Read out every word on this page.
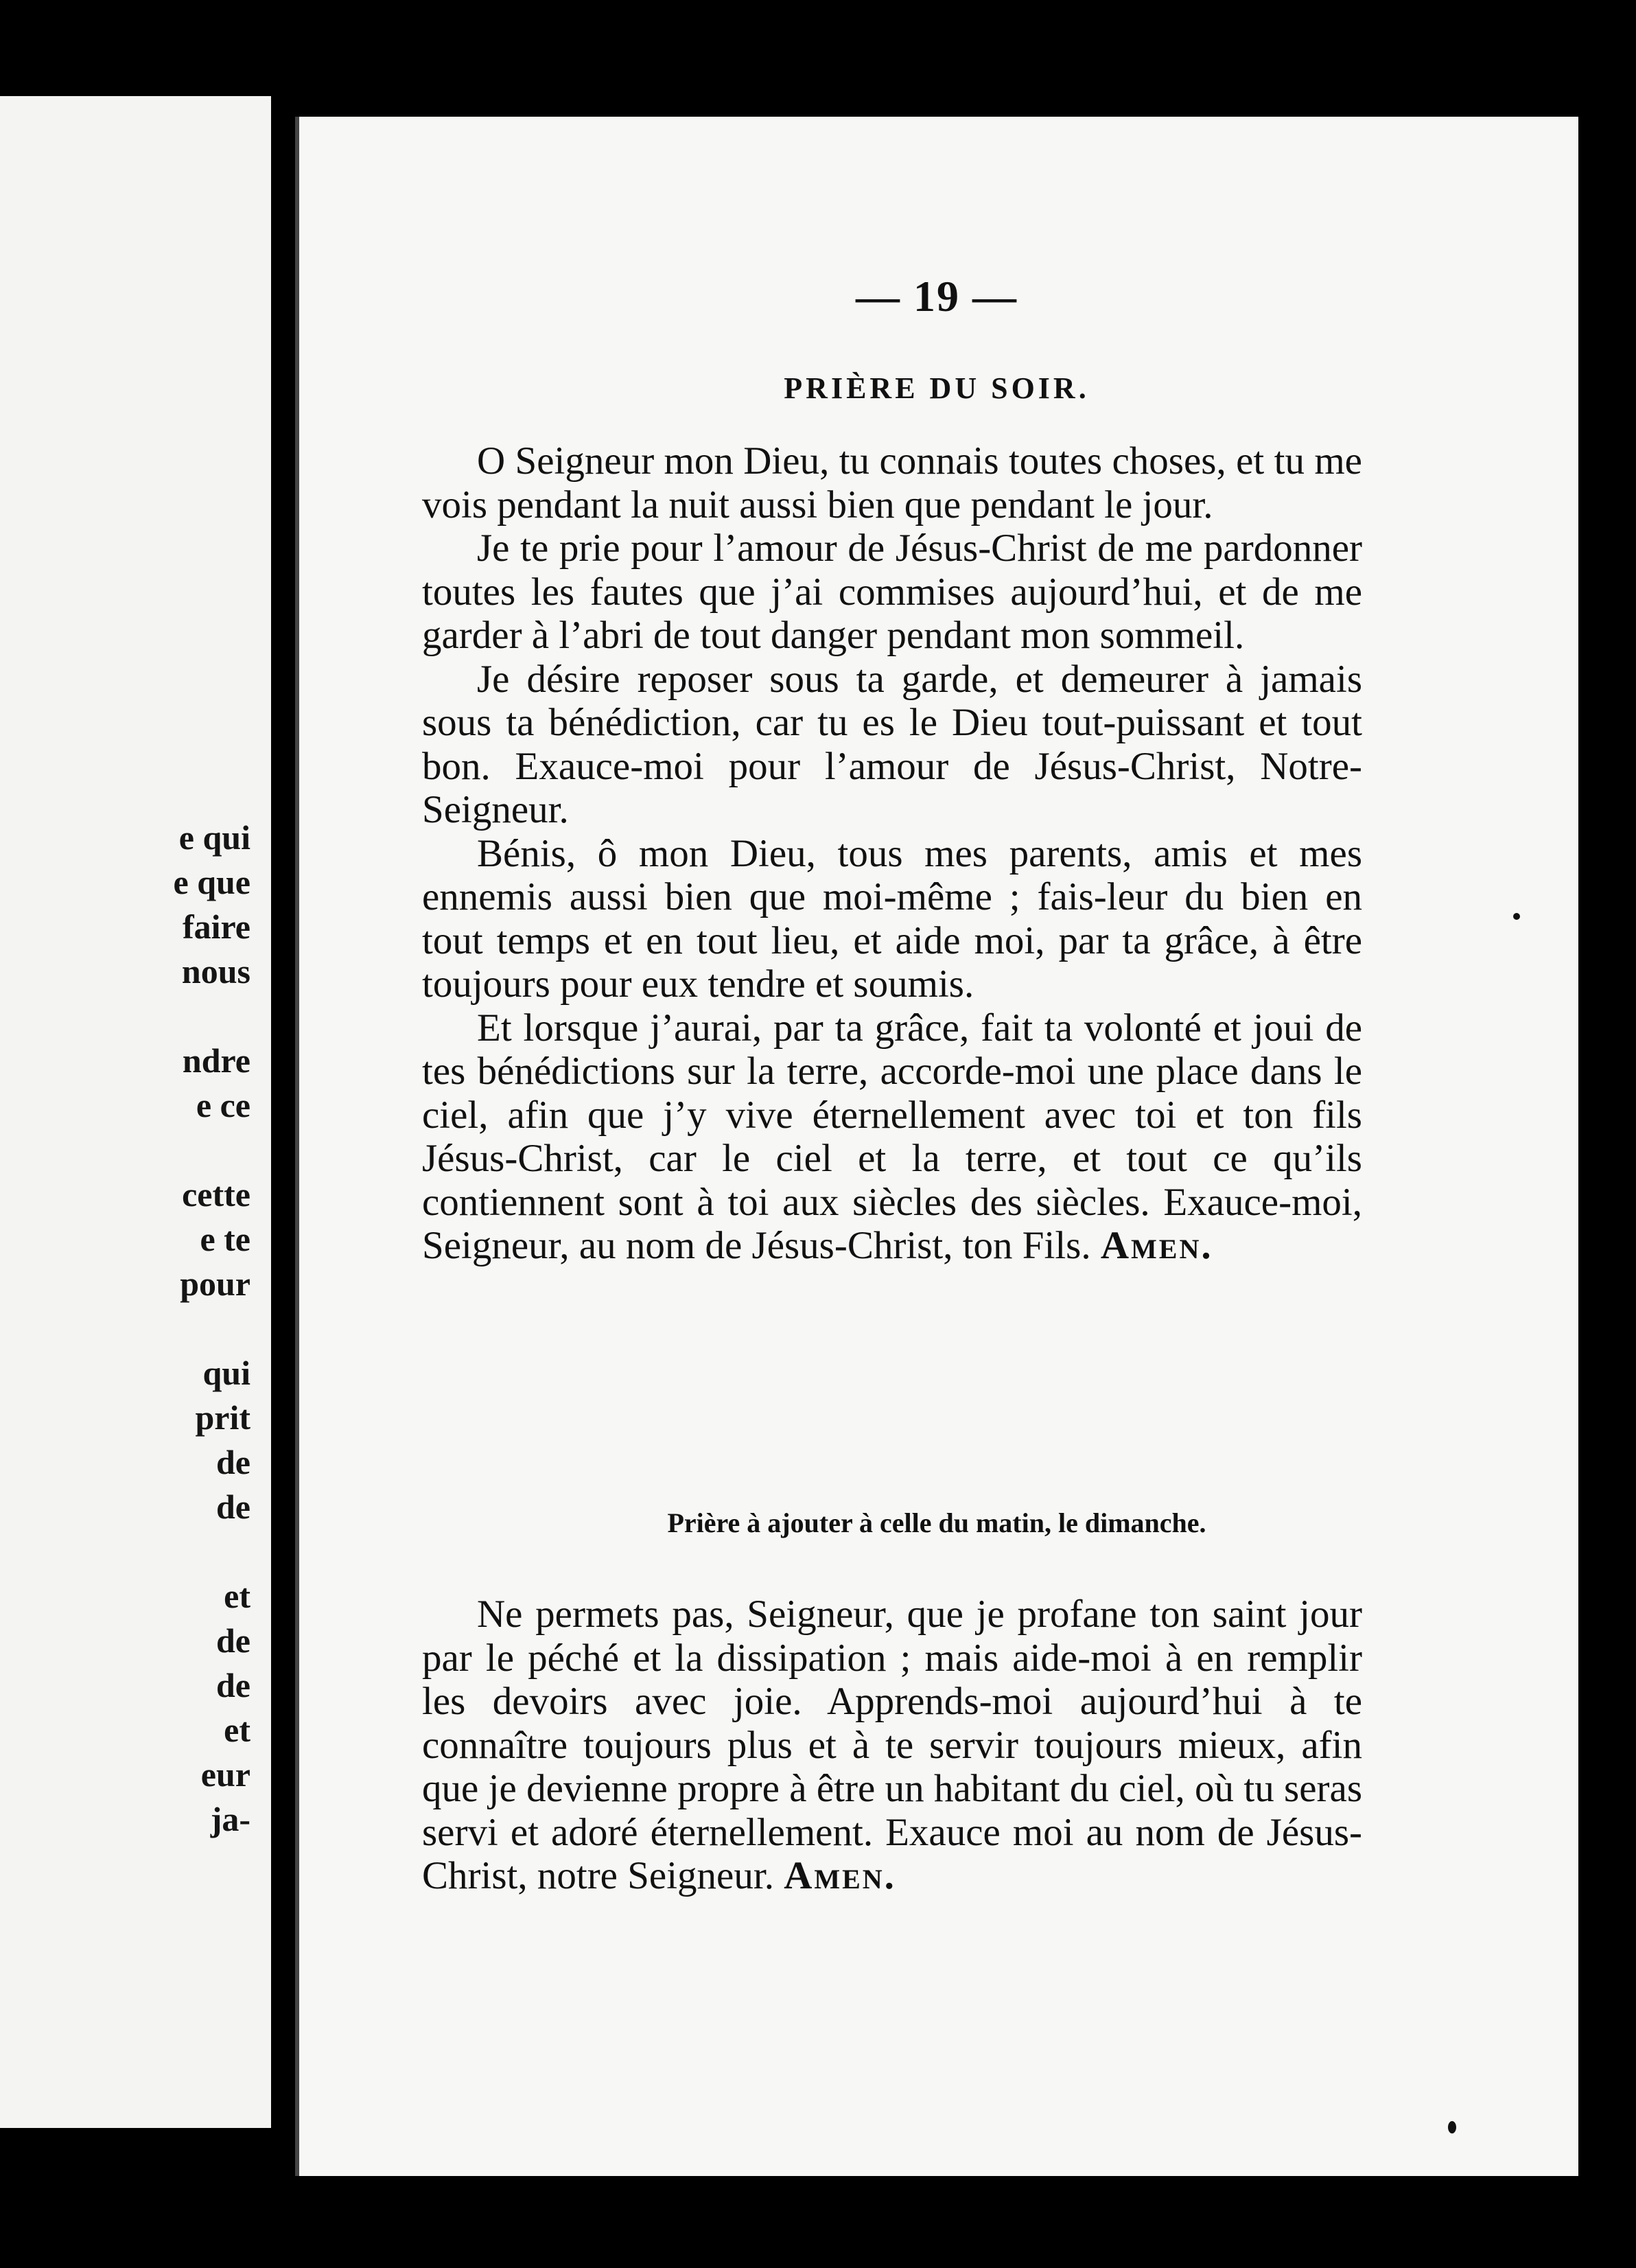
e qui
e que
faire
nous
ndre
e ce
cette
e te
pour
qui
prit
de
de
et
de
de
et
eur
ja-
— 19 —
PRIÈRE DU SOIR.

O Seigneur mon Dieu, tu connais toutes choses, et tu me vois pendant la nuit aussi bien que pendant le jour.

Je te prie pour l’amour de Jésus-Christ de me pardonner toutes les fautes que j’ai commises aujourd’hui, et de me garder à l’abri de tout danger pendant mon sommeil.

Je désire reposer sous ta garde, et demeurer à jamais sous ta bénédiction, car tu es le Dieu tout-puissant et tout bon. Exauce-moi pour l’amour de Jésus-Christ, Notre-Seigneur.

Bénis, ô mon Dieu, tous mes parents, amis et mes ennemis aussi bien que moi-même ; fais-leur du bien en tout temps et en tout lieu, et aide moi, par ta grâce, à être toujours pour eux tendre et soumis.

Et lorsque j’aurai, par ta grâce, fait ta volonté et joui de tes bénédictions sur la terre, accorde-moi une place dans le ciel, afin que j’y vive éternellement avec toi et ton fils Jésus-Christ, car le ciel et la terre, et tout ce qu’ils contiennent sont à toi aux siècles des siècles. Exauce-moi, Seigneur, au nom de Jésus-Christ, ton Fils. Amen.

Prière à ajouter à celle du matin, le dimanche.

Ne permets pas, Seigneur, que je profane ton saint jour par le péché et la dissipation ; mais aide-moi à en remplir les devoirs avec joie. Apprends-moi aujourd’hui à te connaître toujours plus et à te servir toujours mieux, afin que je devienne propre à être un habitant du ciel, où tu seras servi et adoré éternellement. Exauce moi au nom de Jésus-Christ, notre Seigneur. Amen.
